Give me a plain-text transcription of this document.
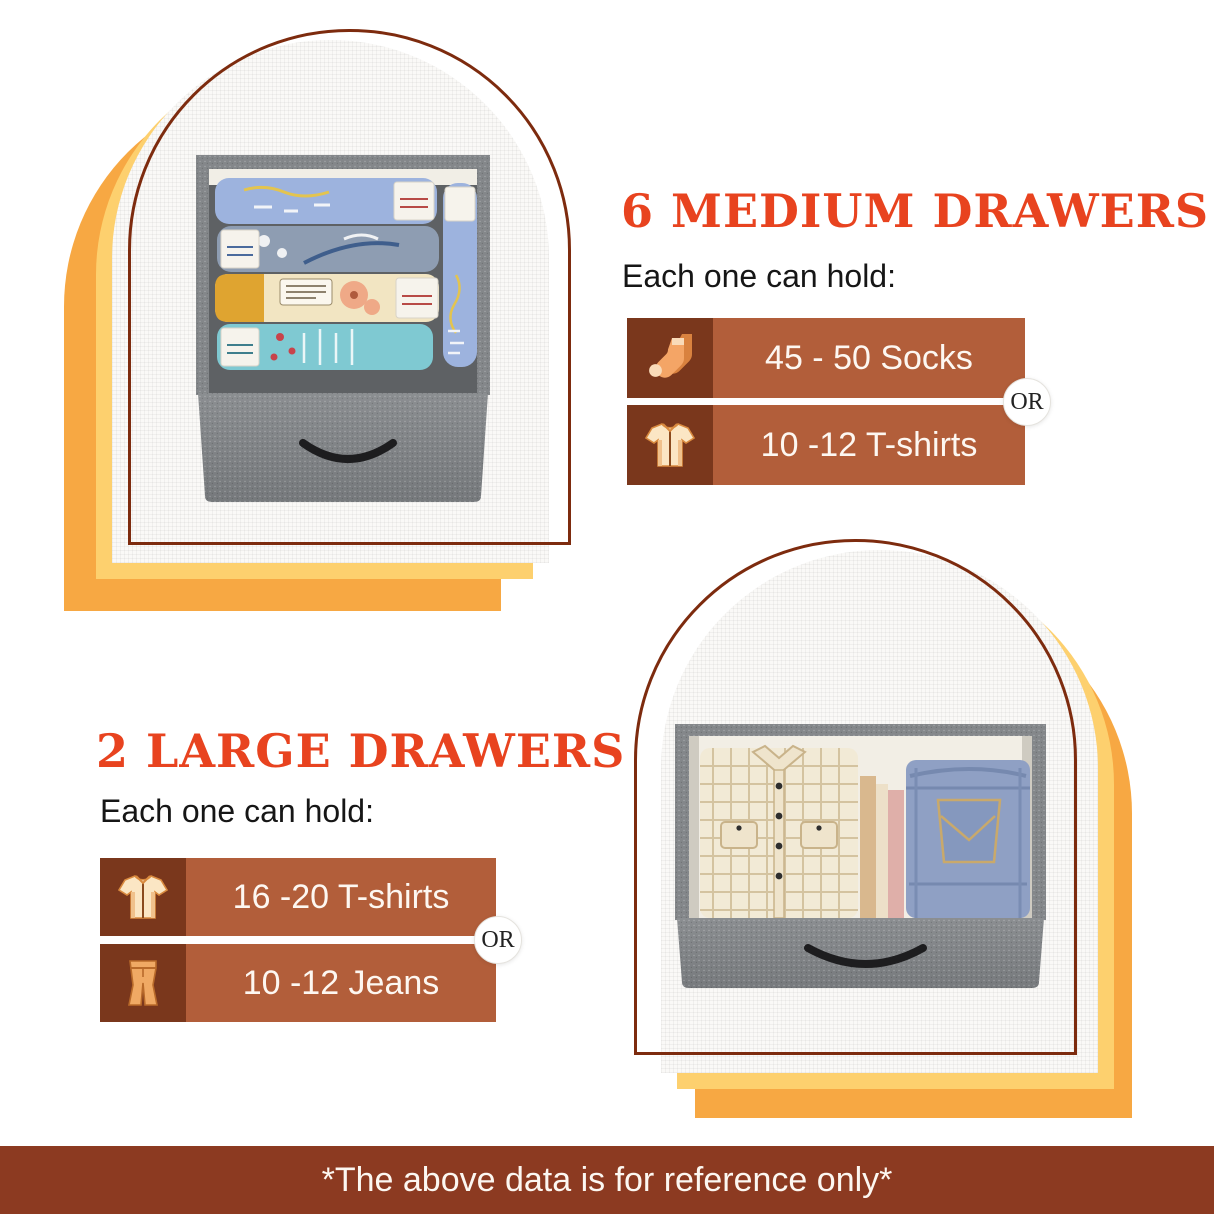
6 MEDIUM DRAWERS

Each one can hold:

45 - 50 Socks
10 -12 T-shirts
OR
2 LARGE DRAWERS

Each one can hold:

16 -20 T-shirts
10 -12 Jeans
OR
*The above data is for reference only*
